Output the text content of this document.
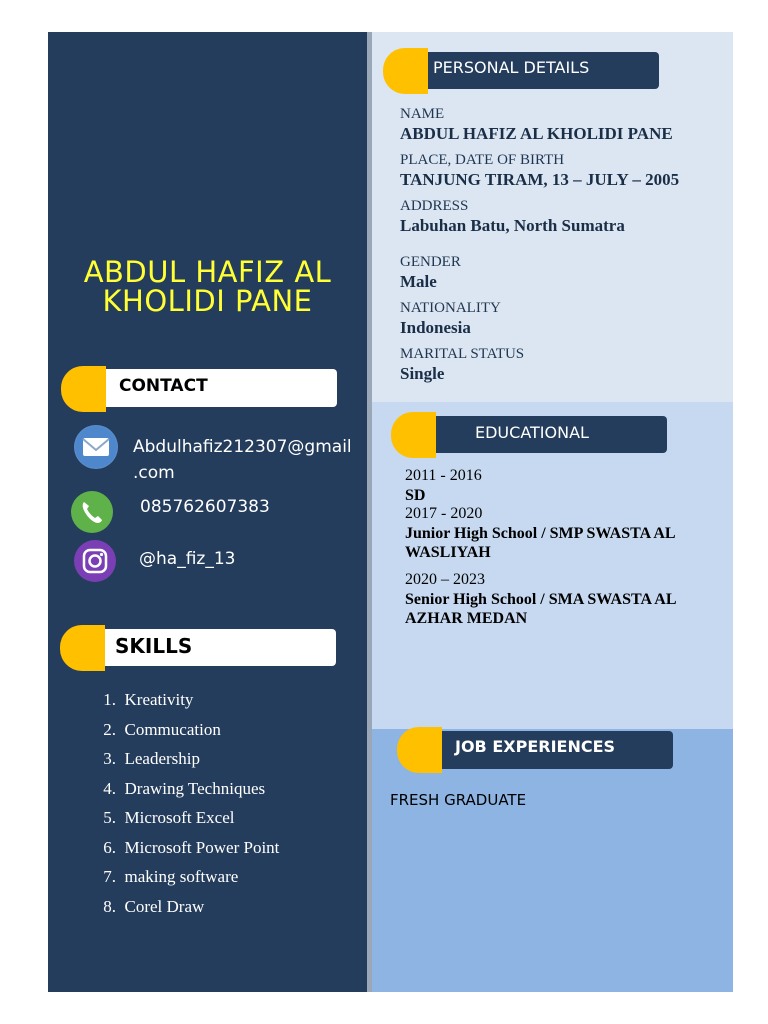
ABDUL HAFIZ AL
KHOLIDI PANE
CONTACT
Abdulhafiz212307@gmail
.com
085762607383
@ha_fiz_13
SKILLS
1. Kreativity
2. Commucation
3. Leadership
4. Drawing Techniques
5. Microsoft Excel
6. Microsoft Power Point
7. making software
8. Corel Draw
PERSONAL DETAILS
NAME
ABDUL HAFIZ AL KHOLIDI PANE
PLACE, DATE OF BIRTH
TANJUNG TIRAM, 13 – JULY – 2005
ADDRESS
Labuhan Batu, North Sumatra
GENDER
Male
NATIONALITY
Indonesia
MARITAL STATUS
Single
EDUCATIONAL
2011 - 2016
SD
2017 - 2020
Junior High School / SMP SWASTA AL
WASLIYAH
2020 – 2023
Senior High School / SMA SWASTA AL
AZHAR MEDAN
JOB EXPERIENCES
FRESH GRADUATE
